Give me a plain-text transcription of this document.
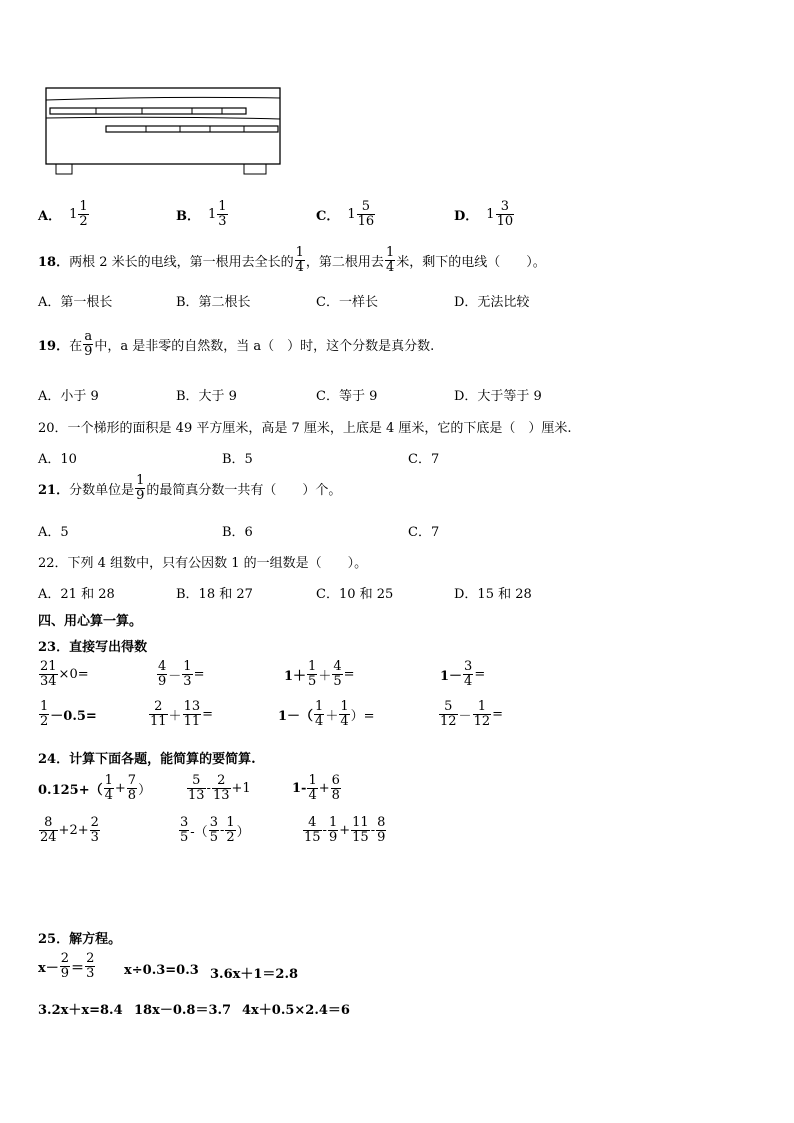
A． $1 \frac{1}{2}$	B． $1 \frac{1}{3}$	C． $1 \frac{5}{16}$	D． $1 \frac{3}{10}$
18． 两根 2 米长的电线，第一根用去全长的 $\frac{1}{4}$ ，第二根用去 $\frac{1}{4}$ 米，剩下的电线（　　）。
A．第一根长	B．第二根长	C．一样长	D．无法比较
19． 在 $\frac{a}{9}$ 中，a 是非零的自然数，当 a（　）时，这个分数是真分数.
A．小于 9	B．大于 9	C．等于 9	D．大于等于 9
20．一个梯形的面积是 49 平方厘米，高是 7 厘米，上底是 4 厘米，它的下底是（　）厘米.
A．10	B．5	C．7
21． 分数单位是 $\frac{1}{9}$ 的最简真分数一共有（　　）个。
A．5	B．6	C．7
22．下列 4 组数中，只有公因数 1 的一组数是（　　）。
A．21 和 28	B．18 和 27	C．10 和 25	D．15 和 28
四、用心算一算。
23．直接写出得数
$\frac{21}{34} \times 0=$	$\frac{4}{9} - \frac{1}{3}$ =	$1+ \frac{1}{5} + \frac{4}{5}$ =	$1- \frac{3}{4}$ =
$\frac{1}{2} -0.5=$	$\frac{2}{11} + \frac{13}{11}$ =	$1-( \frac{1}{4} + \frac{1}{4}$ ）=	$\frac{5}{12} - \frac{1}{12}$ =
24．计算下面各题，能简算的要简算.
$0.125+( \frac{1}{4} + \frac{7}{8}$ ）	$\frac{5}{13} - \frac{2}{13} +1$	$1- \frac{1}{4} + \frac{6}{8}$
$\frac{8}{24} +2+ \frac{2}{3}$	$\frac{3}{5}$ -（ $\frac{3}{5} - \frac{1}{2}$ ）	$\frac{4}{15} - \frac{1}{9} + \frac{11}{15} - \frac{8}{9}$
25．解方程。
$x- \frac{2}{9} = \frac{2}{3} x\div 0.3=0.3$ 3.6x＋1＝2.8
3.2x＋x=8.4 18x－0.8＝3.7 4x＋0.5×2.4＝6
